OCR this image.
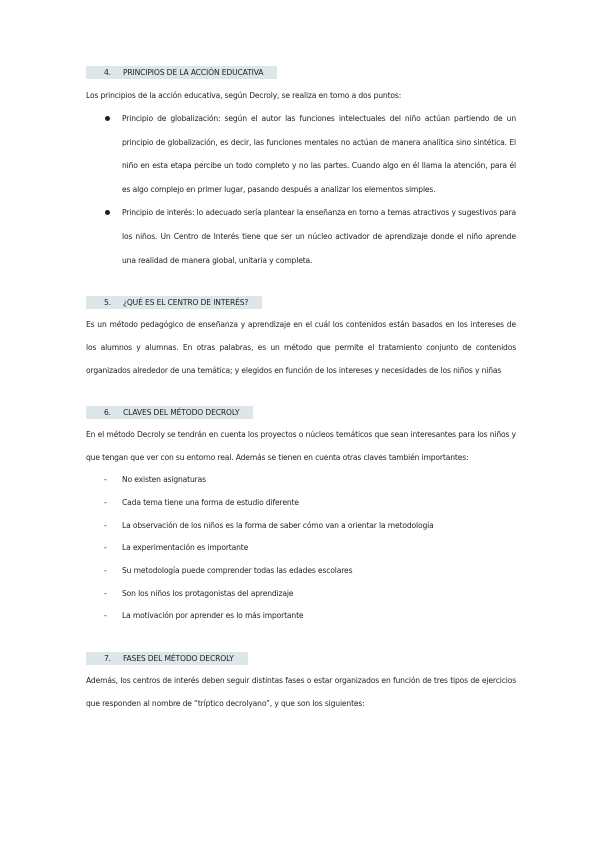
4. PRINCIPIOS DE LA ACCIÓN EDUCATIVA

Los principios de la acción educativa, según Decroly, se realiza en torno a dos puntos:

Principio de globalización: según el autor las funciones intelectuales del niño actúan partiendo de un principio de globalización, es decir, las funciones mentales no actúan de manera analítica sino sintética. El niño en esta etapa percibe un todo completo y no las partes. Cuando algo en él llama la atención, para él es algo complejo en primer lugar, pasando después a analizar los elementos simples.
Principio de interés: lo adecuado sería plantear la enseñanza en torno a temas atractivos y sugestivos para los niños. Un Centro de Interés tiene que ser un núcleo activador de aprendizaje donde el niño aprende una realidad de manera global, unitaria y completa.
5. ¿QUÉ ES EL CENTRO DE INTERÉS?

Es un método pedagógico de enseñanza y aprendizaje en el cuál los contenidos están basados en los intereses de los alumnos y alumnas. En otras palabras, es un método que permite el tratamiento conjunto de contenidos organizados alrededor de una temática; y elegidos en función de los intereses y necesidades de los niños y niñas

6. CLAVES DEL MÉTODO DECROLY

En el método Decroly se tendrán en cuenta los proyectos o núcleos temáticos que sean interesantes para los niños y que tengan que ver con su entorno real. Además se tienen en cuenta otras claves también importantes:

- No existen asignaturas
- Cada tema tiene una forma de estudio diferente
- La observación de los niños es la forma de saber cómo van a orientar la metodología
- La experimentación es importante
- Su metodología puede comprender todas las edades escolares
- Son los niños los protagonistas del aprendizaje
- La motivación por aprender es lo más importante
7. FASES DEL MÉTODO DECROLY

Además, los centros de interés deben seguir distintas fases o estar organizados en función de tres tipos de ejercicios que responden al nombre de “tríptico decrolyano”, y que son los siguientes:
